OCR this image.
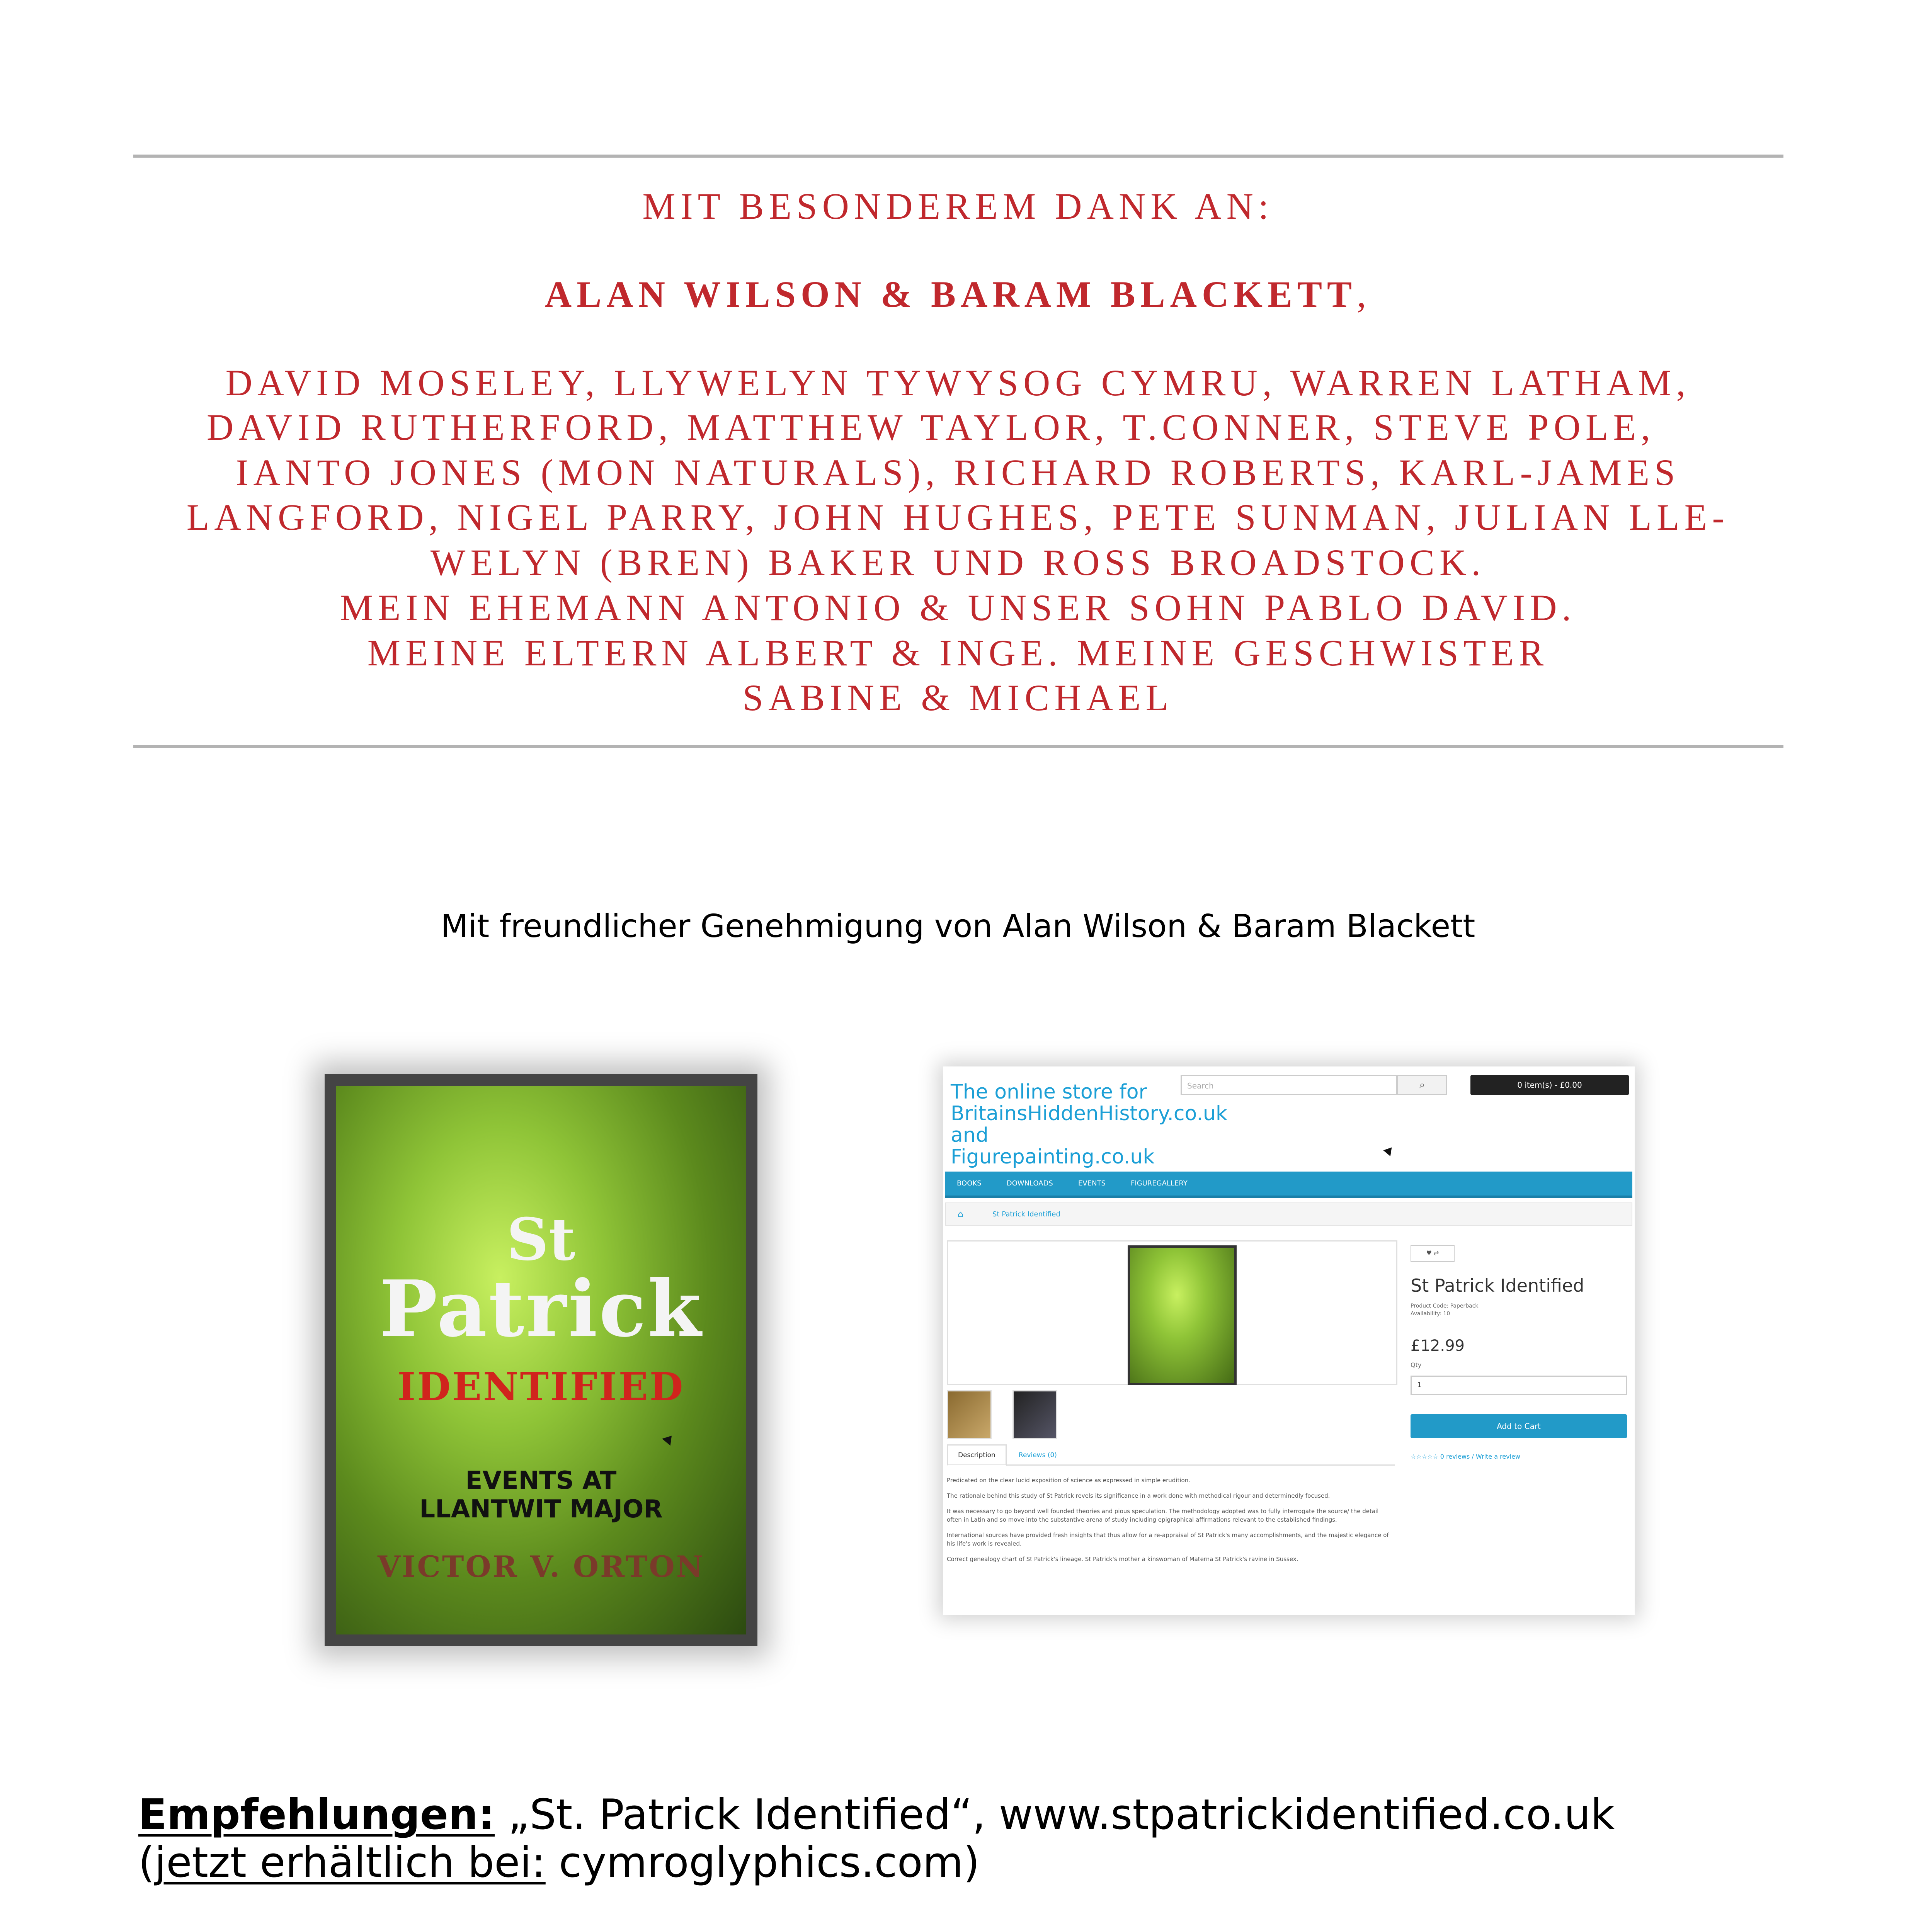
MIT BESONDEREM DANK AN:
ALAN WILSON & BARAM BLACKETT,
DAVID MOSELEY, LLYWELYN TYWYSOG CYMRU, WARREN LATHAM,
DAVID RUTHERFORD, MATTHEW TAYLOR, T.CONNER, STEVE POLE,
IANTO JONES (MON NATURALS), RICHARD ROBERTS, KARL-JAMES
LANGFORD, NIGEL PARRY, JOHN HUGHES, PETE SUNMAN, JULIAN LLE-
WELYN (BREN) BAKER UND ROSS BROADSTOCK.
MEIN EHEMANN ANTONIO & UNSER SOHN PABLO DAVID.
MEINE ELTERN ALBERT & INGE. MEINE GESCHWISTER
SABINE & MICHAEL
Mit freundlicher Genehmigung von Alan Wilson & Baram Blackett
St
Patrick
IDENTIFIED
EVENTS AT
LLANTWIT MAJOR
VICTOR V. ORTON
The online store for
BritainsHiddenHistory.co.uk
and
Figurepainting.co.uk
Search	⌕	0 item(s) - £0.00
BOOKS	DOWNLOADS	EVENTS	FIGUREGALLERY
⌂	St Patrick Identified
♥ ⇄
St Patrick Identified
Product Code: Paperback
Availability: 10
£12.99
Qty
1
Add to Cart
☆☆☆☆☆ 0 reviews / Write a review
Description	Reviews (0)

Predicated on the clear lucid exposition of science as expressed in simple erudition.

The rationale behind this study of St Patrick revels its significance in a work done with methodical rigour and determinedly focused.

It was necessary to go beyond well founded theories and pious speculation. The methodology adopted was to fully interrogate the source/ the detail often in Latin and so move into the substantive arena of study including epigraphical affirmations relevant to the established findings.

International sources have provided fresh insights that thus allow for a re-appraisal of St Patrick's many accomplishments, and the majestic elegance of his life's work is revealed.

Correct genealogy chart of St Patrick's lineage. St Patrick's mother a kinswoman of Materna St Patrick's ravine in Sussex.

Empfehlungen: „St. Patrick Identified“, www.stpatrickidentified.co.uk
(jetzt erhältlich bei: cymroglyphics.com)
